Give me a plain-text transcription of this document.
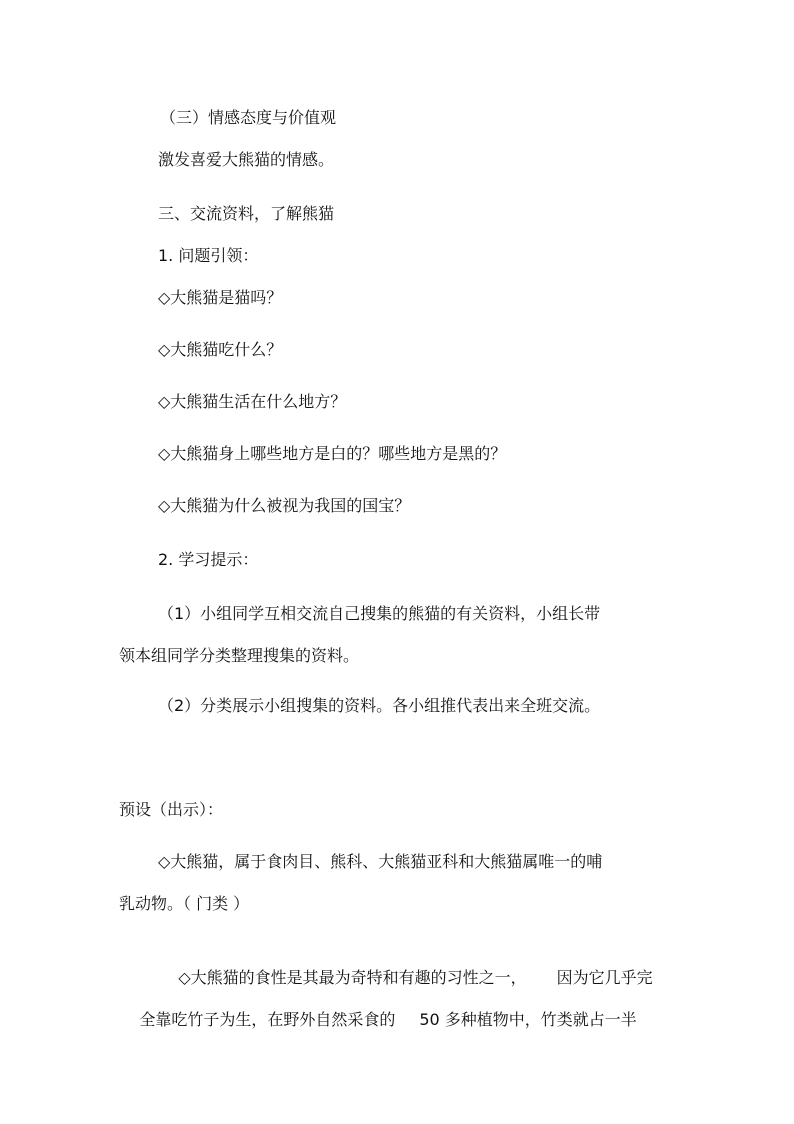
（三）情感态度与价值观
激发喜爱大熊猫的情感。
三、交流资料，了解熊猫
1. 问题引领：
◇大熊猫是猫吗？
◇大熊猫吃什么？
◇大熊猫生活在什么地方？
◇大熊猫身上哪些地方是白的？哪些地方是黑的？
◇大熊猫为什么被视为我国的国宝？
2. 学习提示：
（1）小组同学互相交流自己搜集的熊猫的有关资料，小组长带
领本组同学分类整理搜集的资料。
（2）分类展示小组搜集的资料。各小组推代表出来全班交流。
预设（出示）：
◇大熊猫，属于食肉目、熊科、大熊猫亚科和大熊猫属唯一的哺
乳动物。（ 门类 ）

◇大熊猫的食性是其最为奇特和有趣的习性之一， 因为它几乎完

全靠吃竹子为生，在野外自然采食的 50 多种植物中，竹类就占一半
